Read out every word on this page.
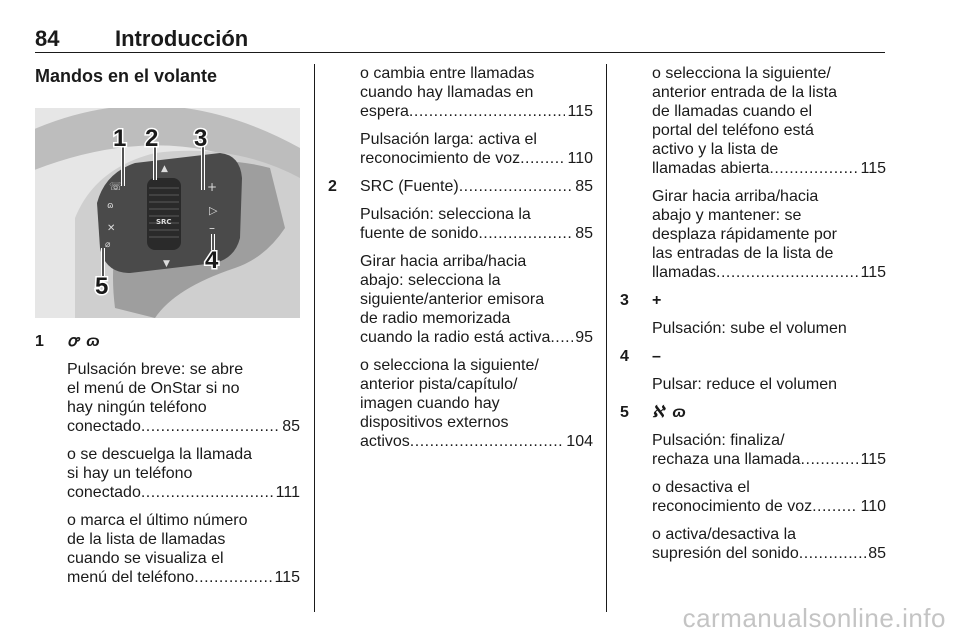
84	Introducción
Mandos en el volante
☏
ɷ
✕
⌀
▲
SRC
▼
+
▷
–
1 2 3
4
5
1 ꝍ ɷ
Pulsación breve: se abre
el menú de OnStar si no
hay ningún teléfono
conectado .....	85
o se descuelga la llamada
si hay un teléfono
conectado .....	111
o marca el último número
de la lista de llamadas
cuando se visualiza el
menú del teléfono .....	115
o cambia entre llamadas
cuando hay llamadas en
espera .....	115
Pulsación larga: activa el
reconocimiento de voz .....	110
2 SRC (Fuente) .....	85
Pulsación: selecciona la
fuente de sonido .....	85
Girar hacia arriba/hacia
abajo: selecciona la
siguiente/anterior emisora
de radio memorizada
cuando la radio está activa ..... 95
o selecciona la siguiente/
anterior pista/capítulo/
imagen cuando hay
dispositivos externos
activos .....	104
o selecciona la siguiente/
anterior entrada de la lista
de llamadas cuando el
portal del teléfono está
activo y la lista de
llamadas abierta .....	115
Girar hacia arriba/hacia
abajo y mantener: se
desplaza rápidamente por
las entradas de la lista de
llamadas .....	115
3 +
Pulsación: sube el volumen
4 –
Pulsar: reduce el volumen
5 ℵ ɷ
Pulsación: finaliza/
rechaza una llamada .....	115
o desactiva el
reconocimiento de voz .....	110
o activa/desactiva la
supresión del sonido .....	85
carmanualsonline.info
